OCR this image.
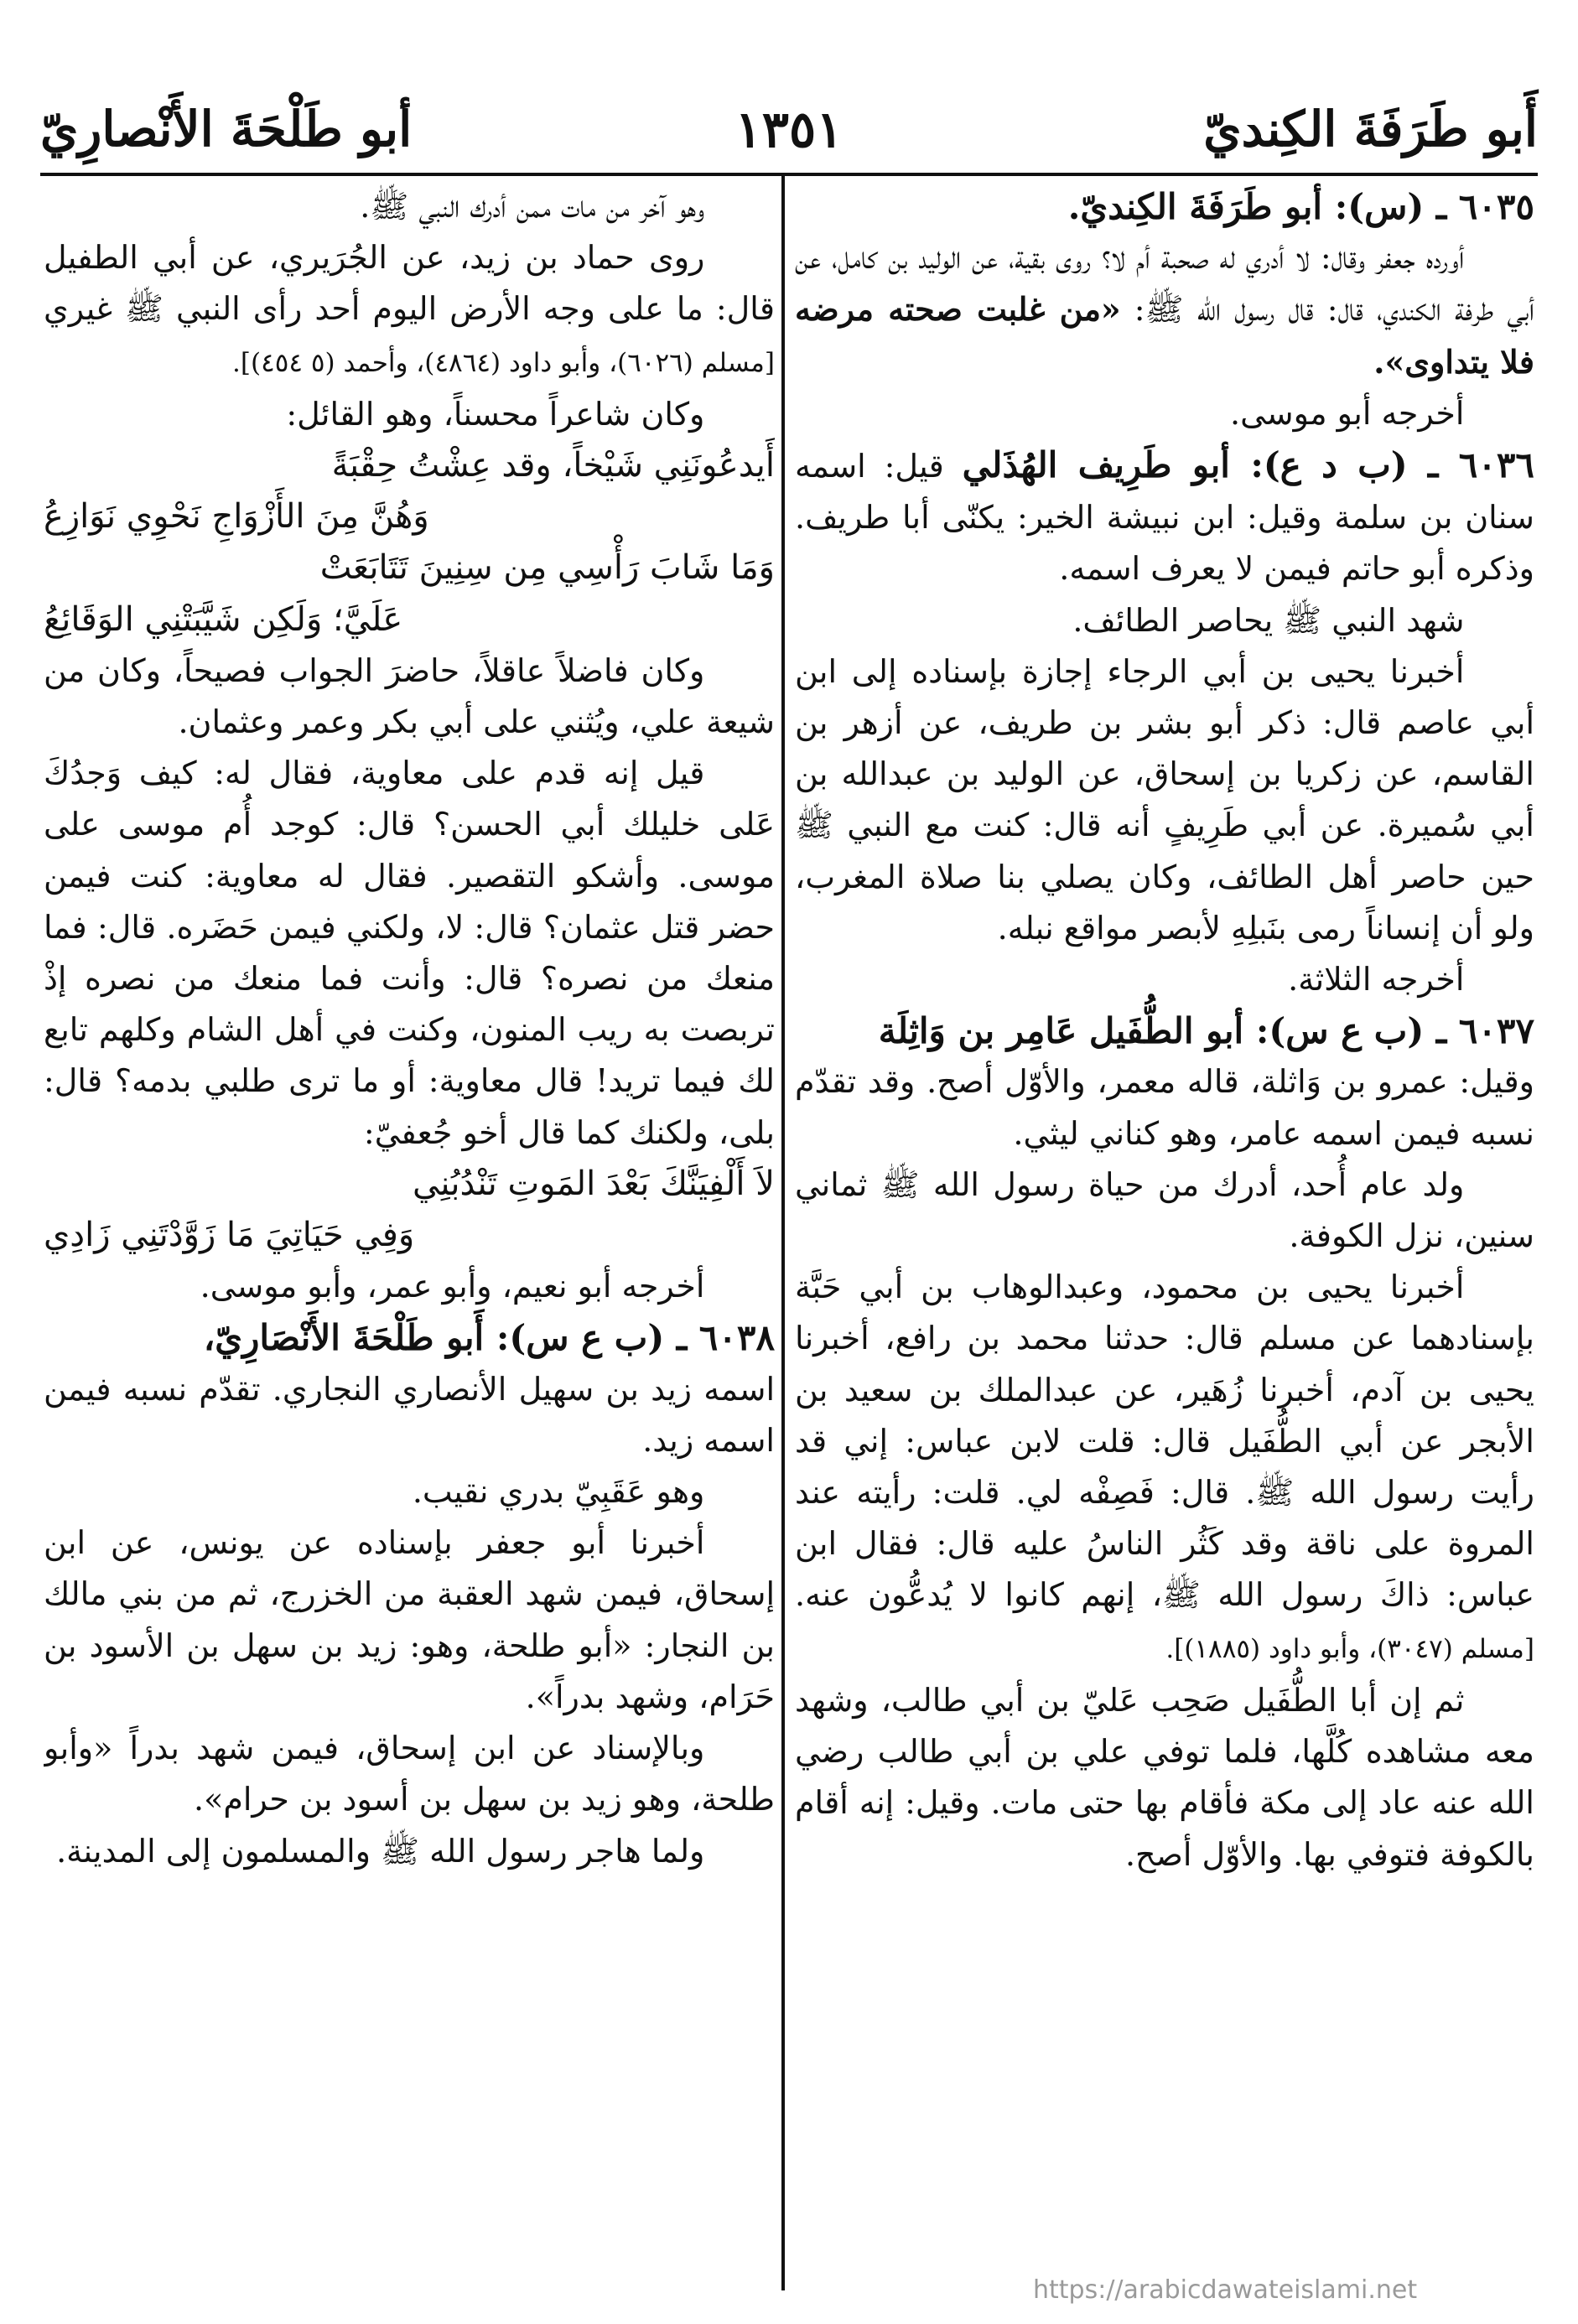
أَبو طَرَفَةَ الكِنديّ
١٣٥١
أبو طَلْحَةَ الأَنْصارِيّ

٦٠٣٥ ـ (س): أبو طَرَفَةَ الكِنديّ.

أورده جعفر وقال: لا أدري له صحبة أم لا؟ روى بقية، عن الوليد بن كامل، عن أبي طرفة الكندي، قال: قال رسول الله ﷺ: «من غلبت صحته مرضه فلا يتداوى».

أخرجه أبو موسى.

٦٠٣٦ ـ (ب د ع): أبو طَرِيف الهُذَلي قيل: اسمه سنان بن سلمة وقيل: ابن نبيشة الخير: يكنّى أبا طريف. وذكره أبو حاتم فيمن لا يعرف اسمه.

شهد النبي ﷺ يحاصر الطائف.

أخبرنا يحيى بن أبي الرجاء إجازة بإسناده إلى ابن أبي عاصم قال: ذكر أبو بشر بن طريف، عن أزهر بن القاسم، عن زكريا بن إسحاق، عن الوليد بن عبدالله بن أبي سُميرة. عن أبي طَرِيفٍ أنه قال: كنت مع النبي ﷺ حين حاصر أهل الطائف، وكان يصلي بنا صلاة المغرب، ولو أن إنساناً رمى بنَبلِهِ لأبصر مواقع نبله.

أخرجه الثلاثة.

٦٠٣٧ ـ (ب ع س): أبو الطُّفَيل عَامِر بن وَاثِلَة

وقيل: عمرو بن وَاثلة، قاله معمر، والأوّل أصح. وقد تقدّم نسبه فيمن اسمه عامر، وهو كناني ليثي.

ولد عام أُحد، أدرك من حياة رسول الله ﷺ ثماني سنين، نزل الكوفة.

أخبرنا يحيى بن محمود، وعبدالوهاب بن أبي حَبَّة بإسنادهما عن مسلم قال: حدثنا محمد بن رافع، أخبرنا يحيى بن آدم، أخبرنا زُهَير، عن عبدالملك بن سعيد بن الأبجر عن أبي الطُّفَيل قال: قلت لابن عباس: إني قد رأيت رسول الله ﷺ. قال: فَصِفْه لي. قلت: رأيته عند المروة على ناقة وقد كَثُر الناسُ عليه قال: فقال ابن عباس: ذاكَ رسول الله ﷺ، إنهم كانوا لا يُدعُّون عنه. [مسلم (٣٠٤٧)، وأبو داود (١٨٨٥)].

ثم إن أبا الطُّفَيل صَحِب عَليّ بن أبي طالب، وشهد معه مشاهده كُلَّها، فلما توفي علي بن أبي طالب رضي الله عنه عاد إلى مكة فأقام بها حتى مات. وقيل: إنه أقام بالكوفة فتوفي بها. والأوّل أصح.

وهو آخر من مات ممن أدرك النبي ﷺ.

روى حماد بن زيد، عن الجُرَيري، عن أبي الطفيل قال: ما على وجه الأرض اليوم أحد رأى النبي ﷺ غيري [مسلم (٦٠٢٦)، وأبو داود (٤٨٦٤)، وأحمد (٥ ٤٥٤)].

وكان شاعراً محسناً، وهو القائل:

أَيدعُونَنِي شَيْخاً، وقد عِشْتُ حِقْبَةً

وَهُنَّ مِنَ الأَزْوَاجِ نَحْوِي نَوَازِعُ

وَمَا شَابَ رَأْسِي مِن سِنِينَ تَتَابَعَتْ

عَلَيَّ؛ وَلَكِن شَيَّبَتْنِي الوَقَائِعُ

وكان فاضلاً عاقلاً، حاضرَ الجواب فصيحاً، وكان من شيعة علي، ويُثني على أبي بكر وعمر وعثمان.

قيل إنه قدم على معاوية، فقال له: كيف وَجدُكَ عَلى خليلك أبي الحسن؟ قال: كوجد أُم موسى على موسى. وأشكو التقصير. فقال له معاوية: كنت فيمن حضر قتل عثمان؟ قال: لا، ولكني فيمن حَضَره. قال: فما منعك من نصره؟ قال: وأنت فما منعك من نصره إذْ تربصت به ريب المنون، وكنت في أهل الشام وكلهم تابع لك فيما تريد! قال معاوية: أو ما ترى طلبي بدمه؟ قال: بلى، ولكنك كما قال أخو جُعفيّ:

لاَ أَلْفِيَنَّكَ بَعْدَ المَوتِ تَنْدُبُنِي

وَفِي حَيَاتِيَ مَا زَوَّدْتَنِي زَادِي

أخرجه أبو نعيم، وأبو عمر، وأبو موسى.

٦٠٣٨ ـ (ب ع س): أَبو طَلْحَةَ الأَنْصَارِيّ،

اسمه زيد بن سهيل الأنصاري النجاري. تقدّم نسبه فيمن اسمه زيد.

وهو عَقَبِيّ بدري نقيب.

أخبرنا أبو جعفر بإسناده عن يونس، عن ابن إسحاق، فيمن شهد العقبة من الخزرج، ثم من بني مالك بن النجار: «أبو طلحة، وهو: زيد بن سهل بن الأسود بن حَرَام، وشهد بدراً».

وبالإسناد عن ابن إسحاق، فيمن شهد بدراً «وأبو طلحة، وهو زيد بن سهل بن أسود بن حرام».

ولما هاجر رسول الله ﷺ والمسلمون إلى المدينة.

https://arabicdawateislami.net
